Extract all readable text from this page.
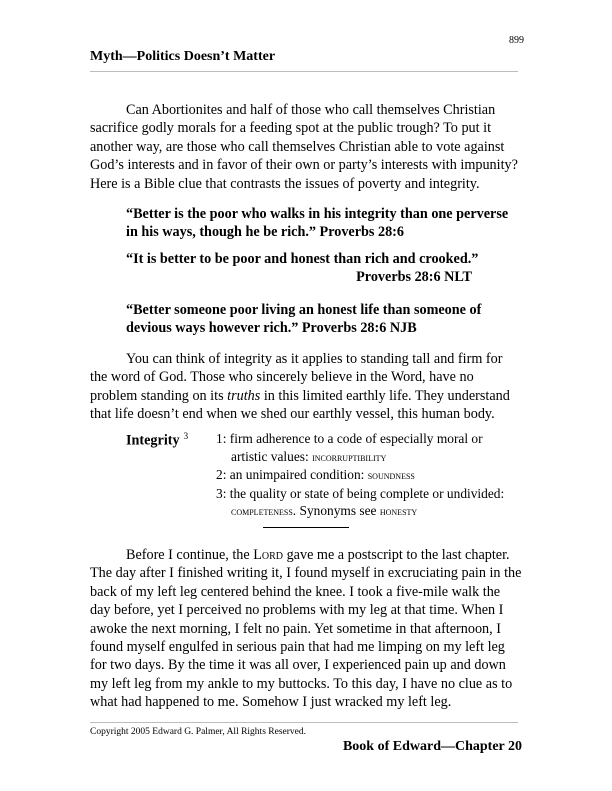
899
Myth—Politics Doesn’t Matter

Can Abortionites and half of those who call themselves Christian sacrifice godly morals for a feeding spot at the public trough? To put it another way, are those who call themselves Christian able to vote against God’s interests and in favor of their own or party’s interests with impunity? Here is a Bible clue that contrasts the issues of poverty and integrity.

“Better is the poor who walks in his integrity than one perverse in his ways, though he be rich.” Proverbs 28:6

“It is better to be poor and honest than rich and crooked.”

Proverbs 28:6 NLT

“Better someone poor living an honest life than someone of devious ways however rich.” Proverbs 28:6 NJB

You can think of integrity as it applies to standing tall and firm for the word of God. Those who sincerely believe in the Word, have no problem standing on its truths in this limited earthly life. They understand that life doesn’t end when we shed our earthly vessel, this human body.

Integrity $^3$ 1: firm adherence to a code of especially moral or
artistic values: incorruptibility
2: an unimpaired condition: soundness
3: the quality or state of being complete or undivided:
completeness. Synonyms see honesty

Before I continue, the Lord gave me a postscript to the last chapter. The day after I finished writing it, I found myself in excruciating pain in the back of my left leg centered behind the knee. I took a five-mile walk the day before, yet I perceived no problems with my leg at that time. When I awoke the next morning, I felt no pain. Yet sometime in that afternoon, I found myself engulfed in serious pain that had me limping on my left leg for two days. By the time it was all over, I experienced pain up and down my left leg from my ankle to my buttocks. To this day, I have no clue as to what had happened to me. Somehow I just wracked my left leg.

Copyright 2005 Edward G. Palmer, All Rights Reserved.
Book of Edward—Chapter 20
